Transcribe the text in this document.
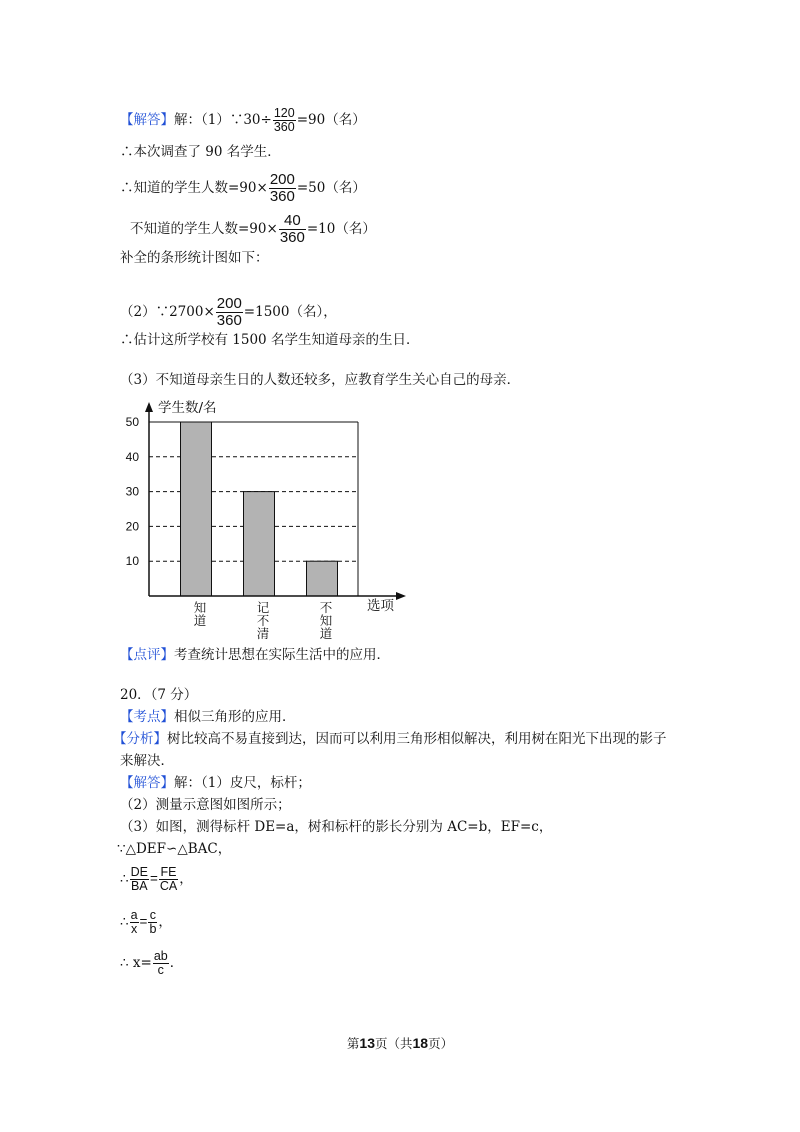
【解答】解：（1）∵30÷ $\frac{120}{360} =90$（名）
∴本次调查了 90 名学生．
∴知道的学生人数$=90\times \frac{200}{360} =50$（名）
不知道的学生人数$=90\times \frac{40}{360} =10$（名）
补全的条形统计图如下：
（2）∵2700× $\frac{200}{360} =1500$（名），
∴估计这所学校有 1500 名学生知道母亲的生日．
（3）不知道母亲生日的人数还较多，应教育学生关心自己的母亲．
10
20
30
40
50
知
道
记
不
清
不
知
道
学生数/名
选项
【点评】考查统计思想在实际生活中的应用．
20．（7 分）
【考点】相似三角形的应用．
【分析】树比较高不易直接到达，因而可以利用三角形相似解决，利用树在阳光下出现的影子
来解决．
【解答】解：（1）皮尺，标杆；
（2）测量示意图如图所示；
（3）如图，测得标杆 DE=a，树和标杆的影长分别为 AC=b，EF=c，
∵△DEF∽△BAC，
∴ $\frac{DE}{BA} = \frac{FE}{CA}$ ，
∴ $\frac{a}{x} = \frac{c}{b}$ ，
∴ $x= \frac{ab}{c}$ ．
第13页（共18页）
